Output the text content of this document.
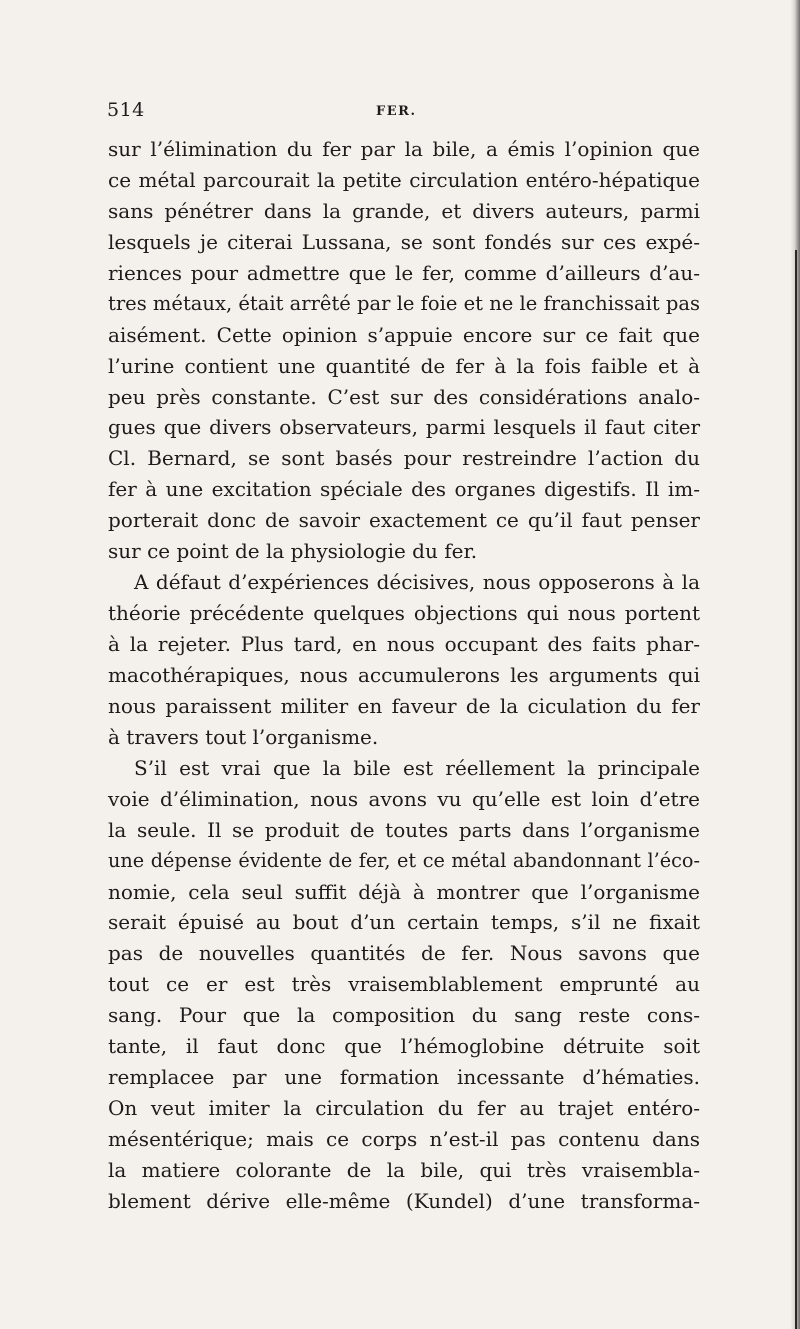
514	FER.
sur l’élimination du fer par la bile, a émis l’opinion que
ce métal parcourait la petite circulation entéro-hépatique
sans pénétrer dans la grande, et divers auteurs, parmi
lesquels je citerai Lussana, se sont fondés sur ces expé-
riences pour admettre que le fer, comme d’ailleurs d’au-
tres métaux, était arrêté par le foie et ne le franchissait pas
aisément. Cette opinion s’appuie encore sur ce fait que
l’urine contient une quantité de fer à la fois faible et à
peu près constante. C’est sur des considérations analo-
gues que divers observateurs, parmi lesquels il faut citer
Cl. Bernard, se sont basés pour restreindre l’action du
fer à une excitation spéciale des organes digestifs. Il im-
porterait donc de savoir exactement ce qu’il faut penser
sur ce point de la physiologie du fer.
A défaut d’expériences décisives, nous opposerons à la
théorie précédente quelques objections qui nous portent
à la rejeter. Plus tard, en nous occupant des faits phar-
macothérapiques, nous accumulerons les arguments qui
nous paraissent militer en faveur de la ciculation du fer
à travers tout l’organisme.
S’il est vrai que la bile est réellement la principale
voie d’élimination, nous avons vu qu’elle est loin d’etre
la seule. Il se produit de toutes parts dans l’organisme
une dépense évidente de fer, et ce métal abandonnant l’éco-
nomie, cela seul suffit déjà à montrer que l’organisme
serait épuisé au bout d’un certain temps, s’il ne fixait
pas de nouvelles quantités de fer. Nous savons que
tout ce er est très vraisemblablement emprunté au
sang. Pour que la composition du sang reste cons-
tante, il faut donc que l’hémoglobine détruite soit
remplacee par une formation incessante d’hématies.
On veut imiter la circulation du fer au trajet entéro-
mésentérique; mais ce corps n’est-il pas contenu dans
la matiere colorante de la bile, qui très vraisembla-
blement dérive elle-même (Kundel) d’une transforma-
